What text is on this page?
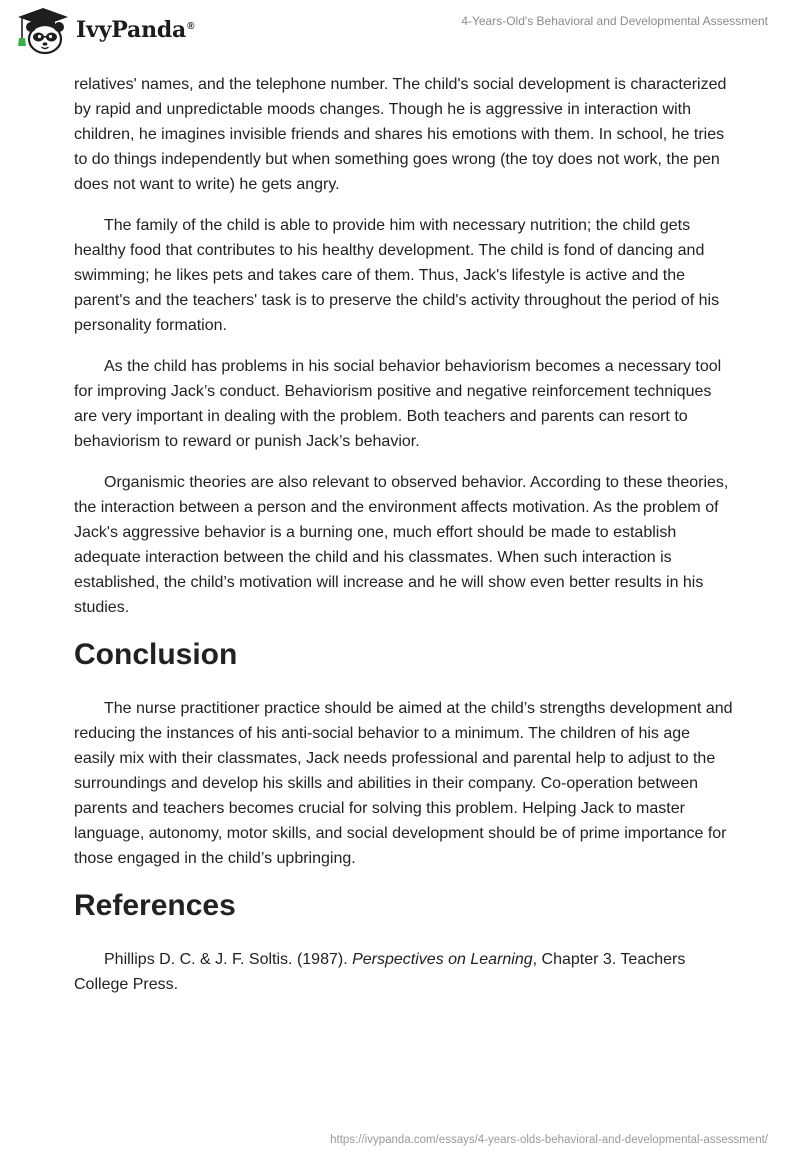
IvyPanda®	4-Years-Old's Behavioral and Developmental Assessment

relatives' names, and the telephone number. The child's social development is characterized by rapid and unpredictable moods changes. Though he is aggressive in interaction with children, he imagines invisible friends and shares his emotions with them. In school, he tries to do things independently but when something goes wrong (the toy does not work, the pen does not want to write) he gets angry.

The family of the child is able to provide him with necessary nutrition; the child gets healthy food that contributes to his healthy development. The child is fond of dancing and swimming; he likes pets and takes care of them. Thus, Jack's lifestyle is active and the parent's and the teachers' task is to preserve the child's activity throughout the period of his personality formation.

As the child has problems in his social behavior behaviorism becomes a necessary tool for improving Jack’s conduct. Behaviorism positive and negative reinforcement techniques are very important in dealing with the problem. Both teachers and parents can resort to behaviorism to reward or punish Jack’s behavior.

Organismic theories are also relevant to observed behavior. According to these theories, the interaction between a person and the environment affects motivation. As the problem of Jack's aggressive behavior is a burning one, much effort should be made to establish adequate interaction between the child and his classmates. When such interaction is established, the child’s motivation will increase and he will show even better results in his studies.

Conclusion

The nurse practitioner practice should be aimed at the child’s strengths development and reducing the instances of his anti-social behavior to a minimum. The children of his age easily mix with their classmates, Jack needs professional and parental help to adjust to the surroundings and develop his skills and abilities in their company. Co-operation between parents and teachers becomes crucial for solving this problem. Helping Jack to master language, autonomy, motor skills, and social development should be of prime importance for those engaged in the child’s upbringing.

References

Phillips D. C. & J. F. Soltis. (1987). Perspectives on Learning, Chapter 3. Teachers College Press.

https://ivypanda.com/essays/4-years-olds-behavioral-and-developmental-assessment/
